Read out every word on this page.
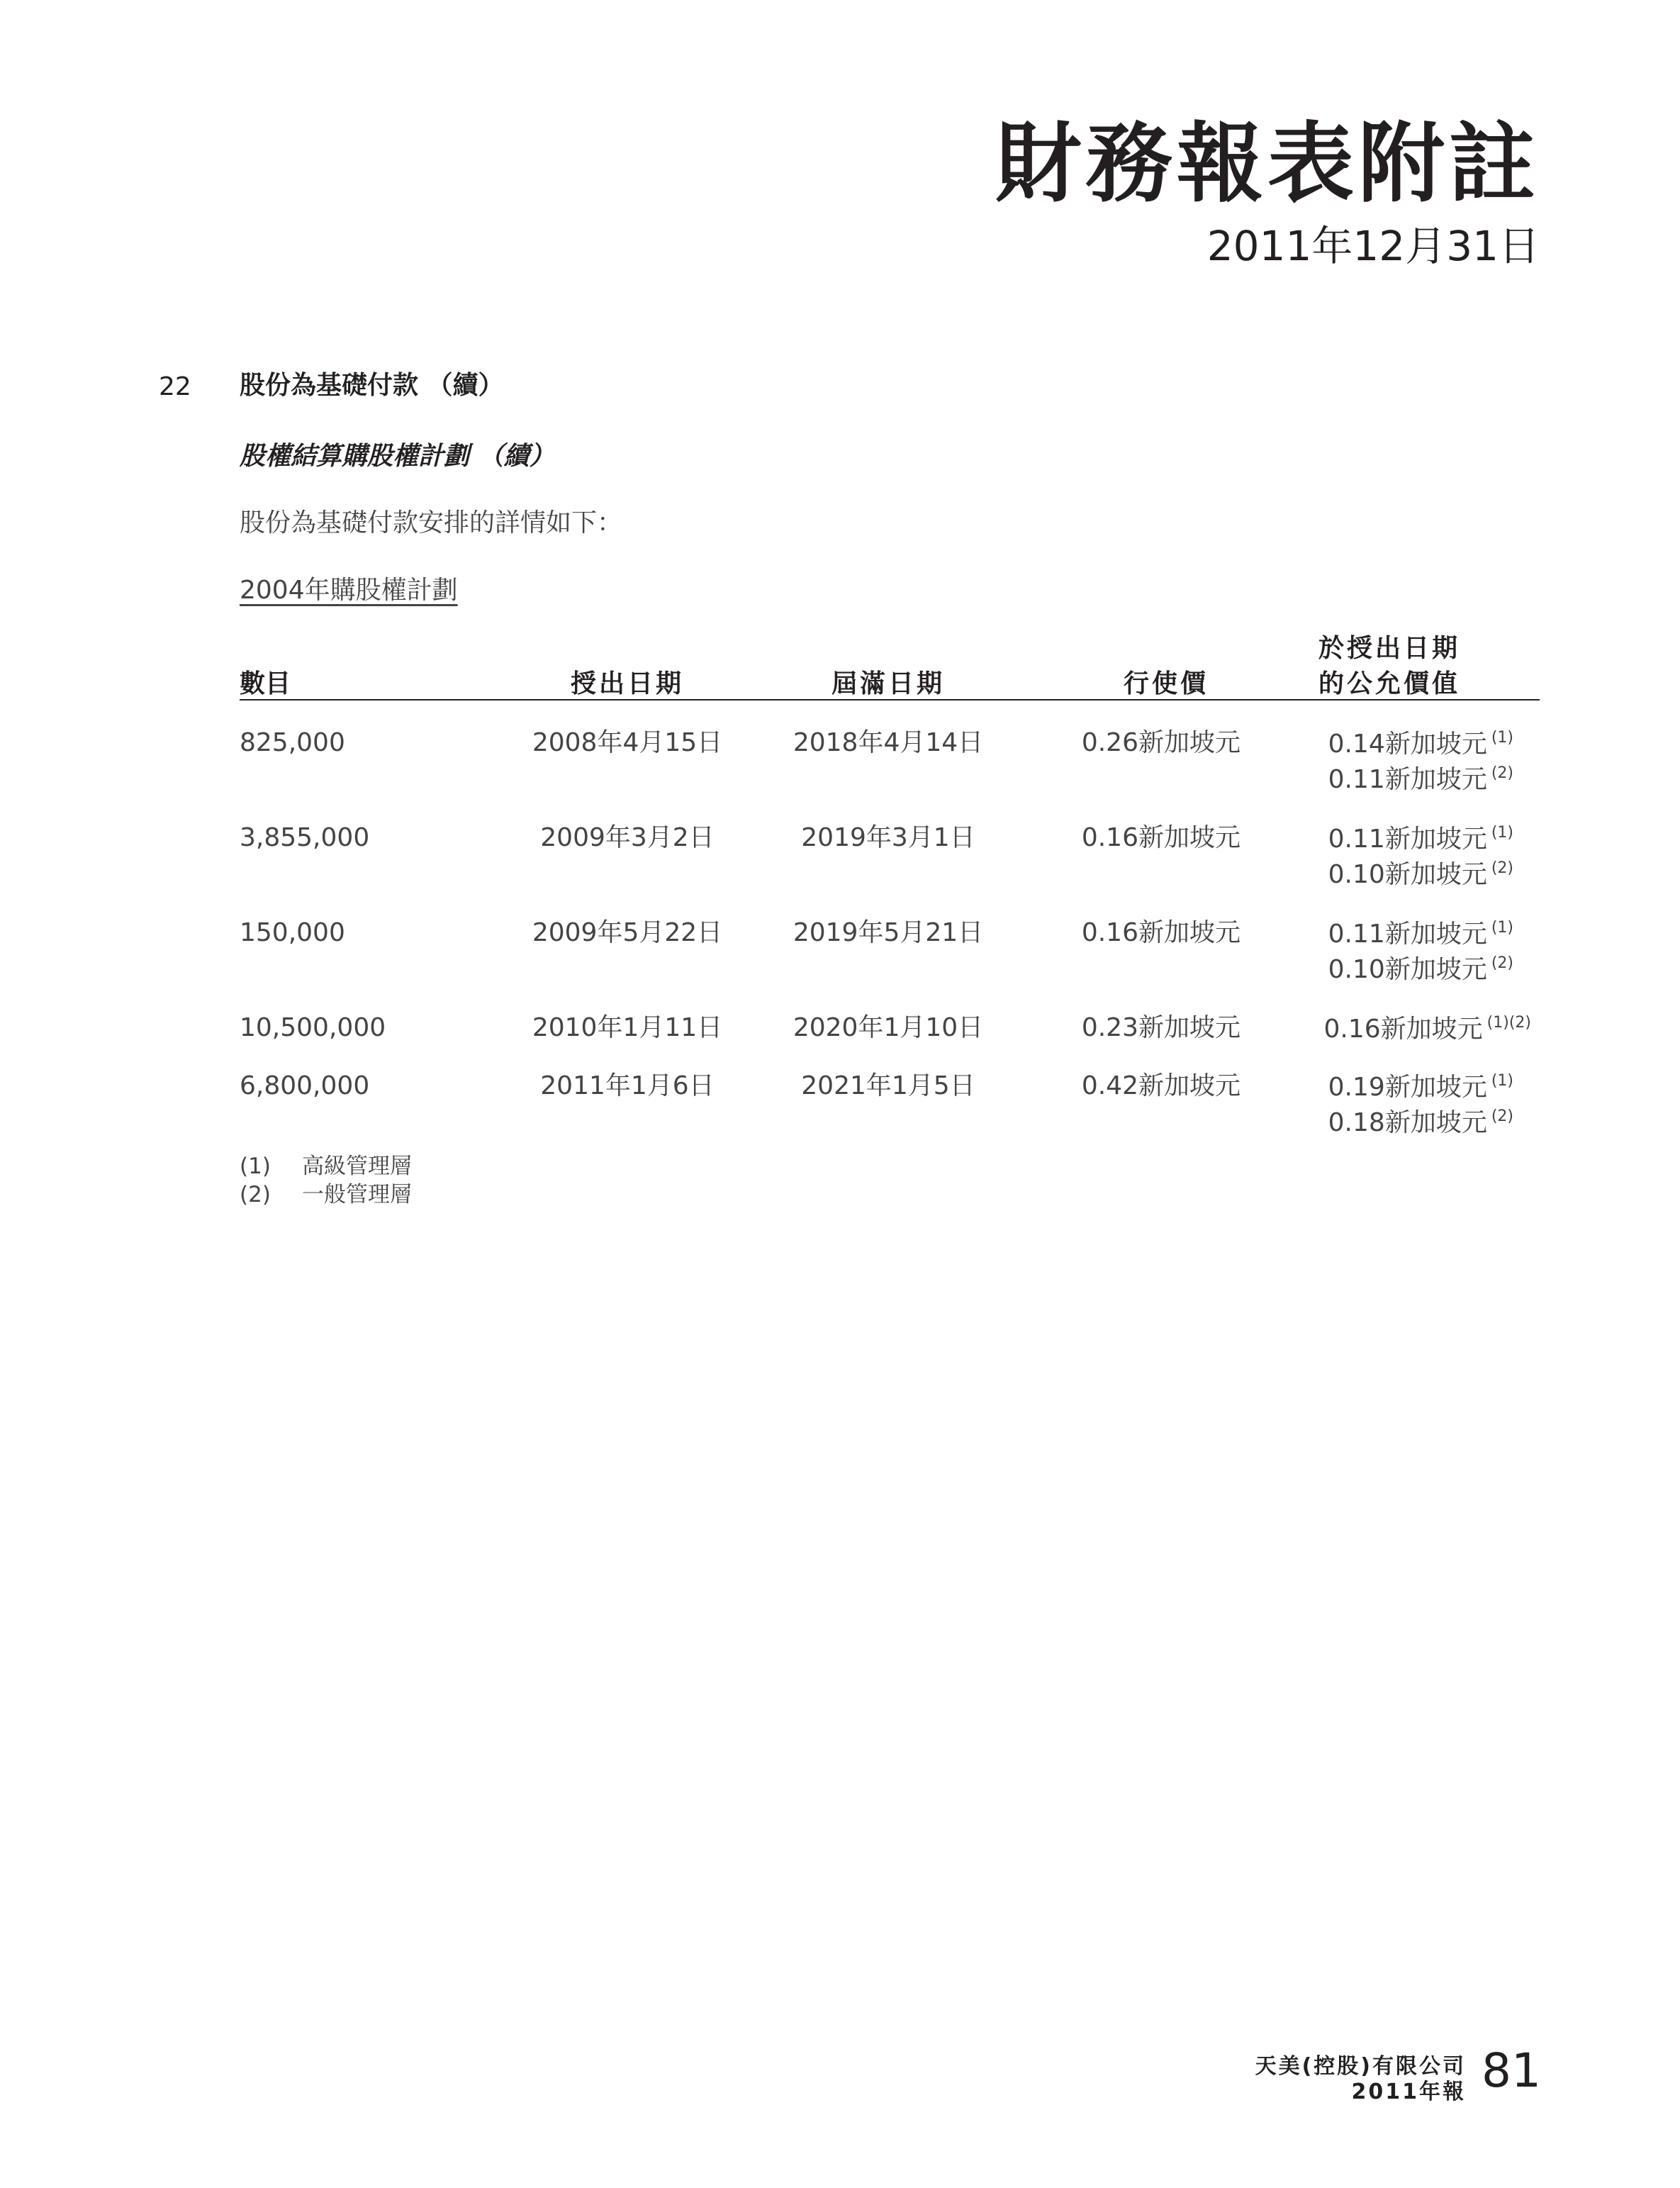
財務報表附註
2011年12月31日
22 股份為基礎付款 （續）
股權結算購股權計劃 （續）
股份為基礎付款安排的詳情如下：
2004年購股權計劃
數目	授出日期	屆滿日期	行使價
於授出日期
的公允價值
825,000	2008年4月15日	2018年4月14日	0.26新加坡元	0.14新加坡元 $^{(1)}$
0.11新加坡元 $^{(2)}$
3,855,000	2009年3月2日	2019年3月1日	0.16新加坡元	0.11新加坡元 $^{(1)}$
0.10新加坡元 $^{(2)}$
150,000	2009年5月22日	2019年5月21日	0.16新加坡元	0.11新加坡元 $^{(1)}$
0.10新加坡元 $^{(2)}$
10,500,000	2010年1月11日	2020年1月10日	0.23新加坡元	0.16新加坡元 $^{(1)(2)}$
6,800,000	2011年1月6日	2021年1月5日	0.42新加坡元	0.19新加坡元 $^{(1)}$
0.18新加坡元 $^{(2)}$
(1) 高級管理層
(2) 一般管理層
天美(控股)有限公司
2011年報 81
